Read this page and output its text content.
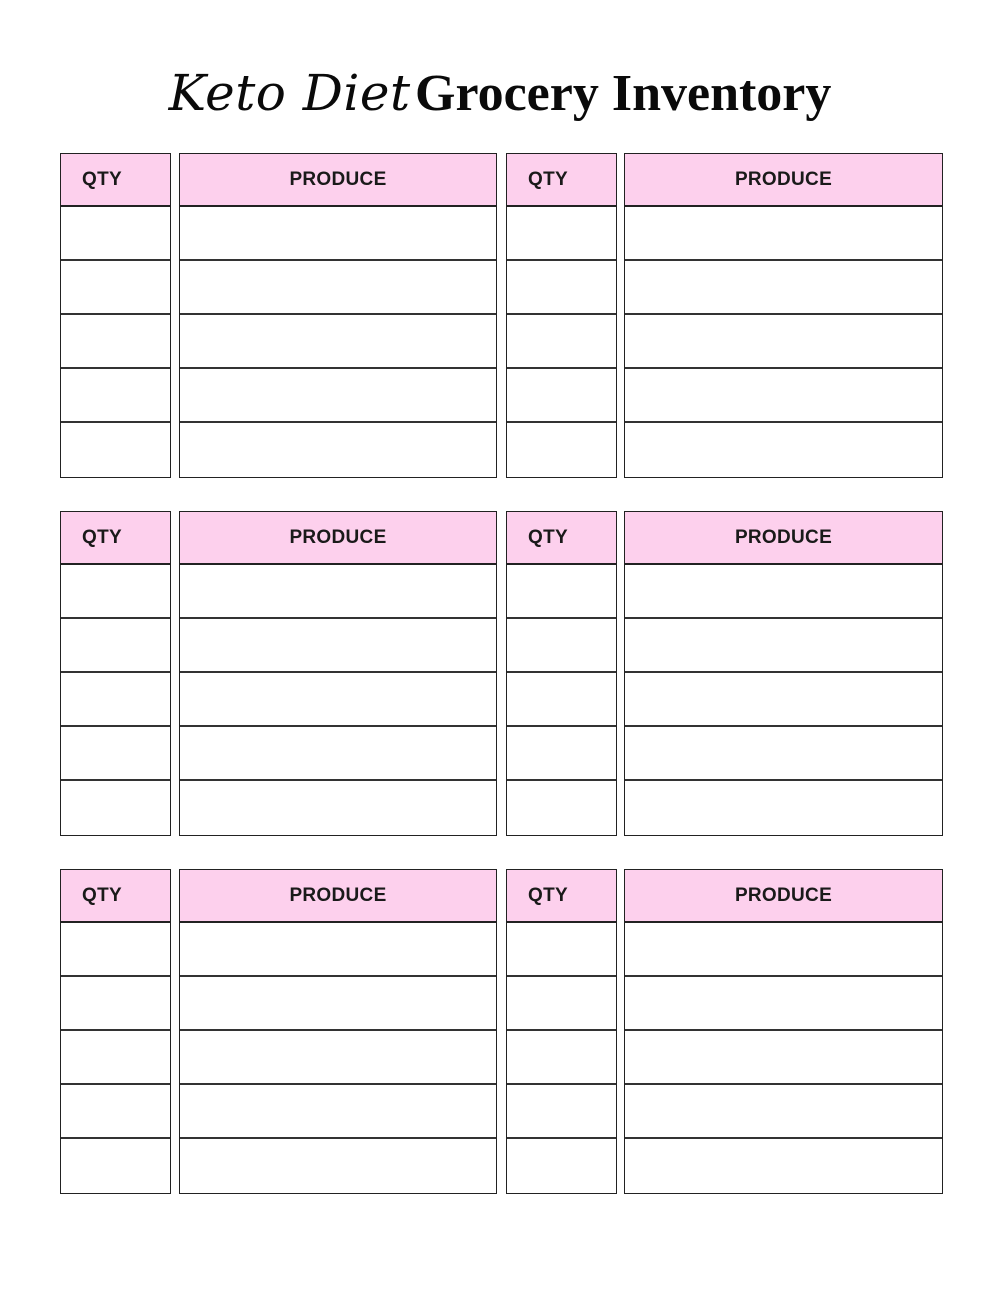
Keto Diet Grocery Inventory
QTY	PRODUCE	QTY	PRODUCE
QTY	PRODUCE	QTY	PRODUCE
QTY	PRODUCE	QTY	PRODUCE
